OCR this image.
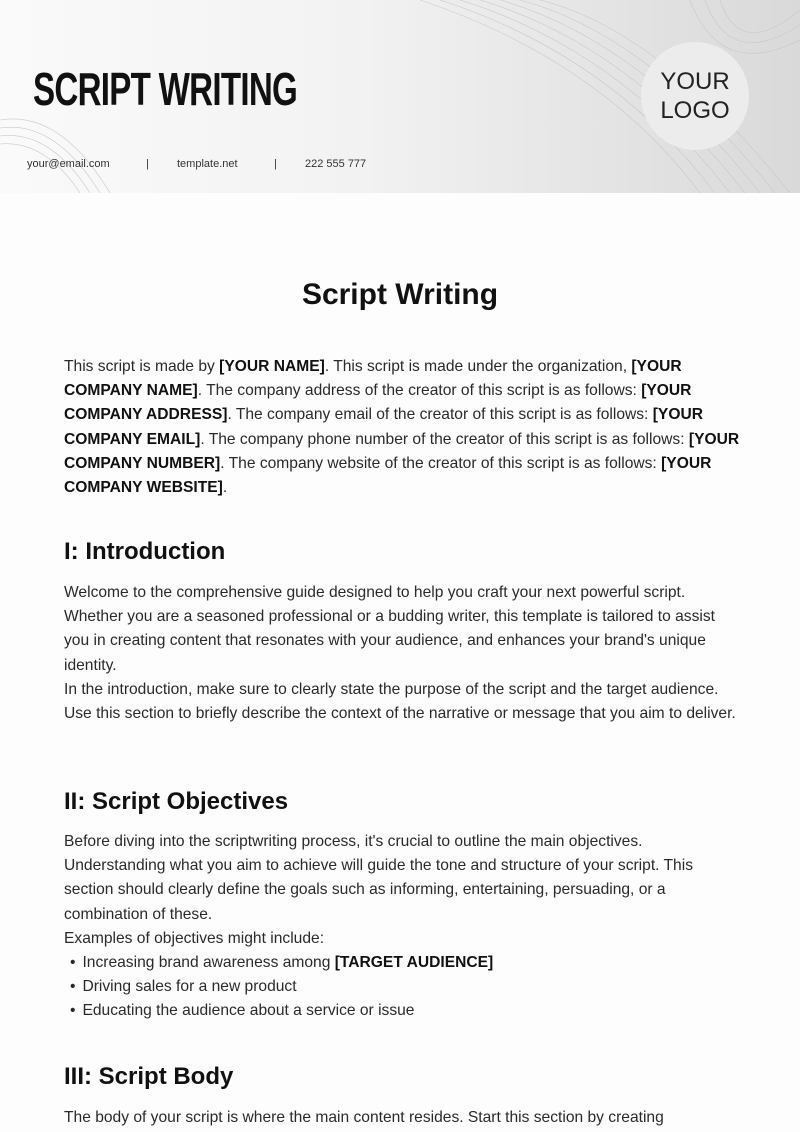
SCRIPT WRITING	YOUR
LOGO
your@email.com	|	template.net	|	222 555 777
Script Writing
This script is made by [YOUR NAME]. This script is made under the organization, [YOUR COMPANY NAME]. The company address of the creator of this script is as follows: [YOUR COMPANY ADDRESS]. The company email of the creator of this script is as follows: [YOUR COMPANY EMAIL]. The company phone number of the creator of this script is as follows: [YOUR COMPANY NUMBER]. The company website of the creator of this script is as follows: [YOUR COMPANY WEBSITE].
I: Introduction
Welcome to the comprehensive guide designed to help you craft your next powerful script. Whether you are a seasoned professional or a budding writer, this template is tailored to assist you in creating content that resonates with your audience, and enhances your brand's unique identity.
In the introduction, make sure to clearly state the purpose of the script and the target audience. Use this section to briefly describe the context of the narrative or message that you aim to deliver.
II: Script Objectives
Before diving into the scriptwriting process, it's crucial to outline the main objectives. Understanding what you aim to achieve will guide the tone and structure of your script. This section should clearly define the goals such as informing, entertaining, persuading, or a combination of these.
Examples of objectives might include:
• Increasing brand awareness among [TARGET AUDIENCE]
• Driving sales for a new product
• Educating the audience about a service or issue
III: Script Body
The body of your script is where the main content resides. Start this section by creating
